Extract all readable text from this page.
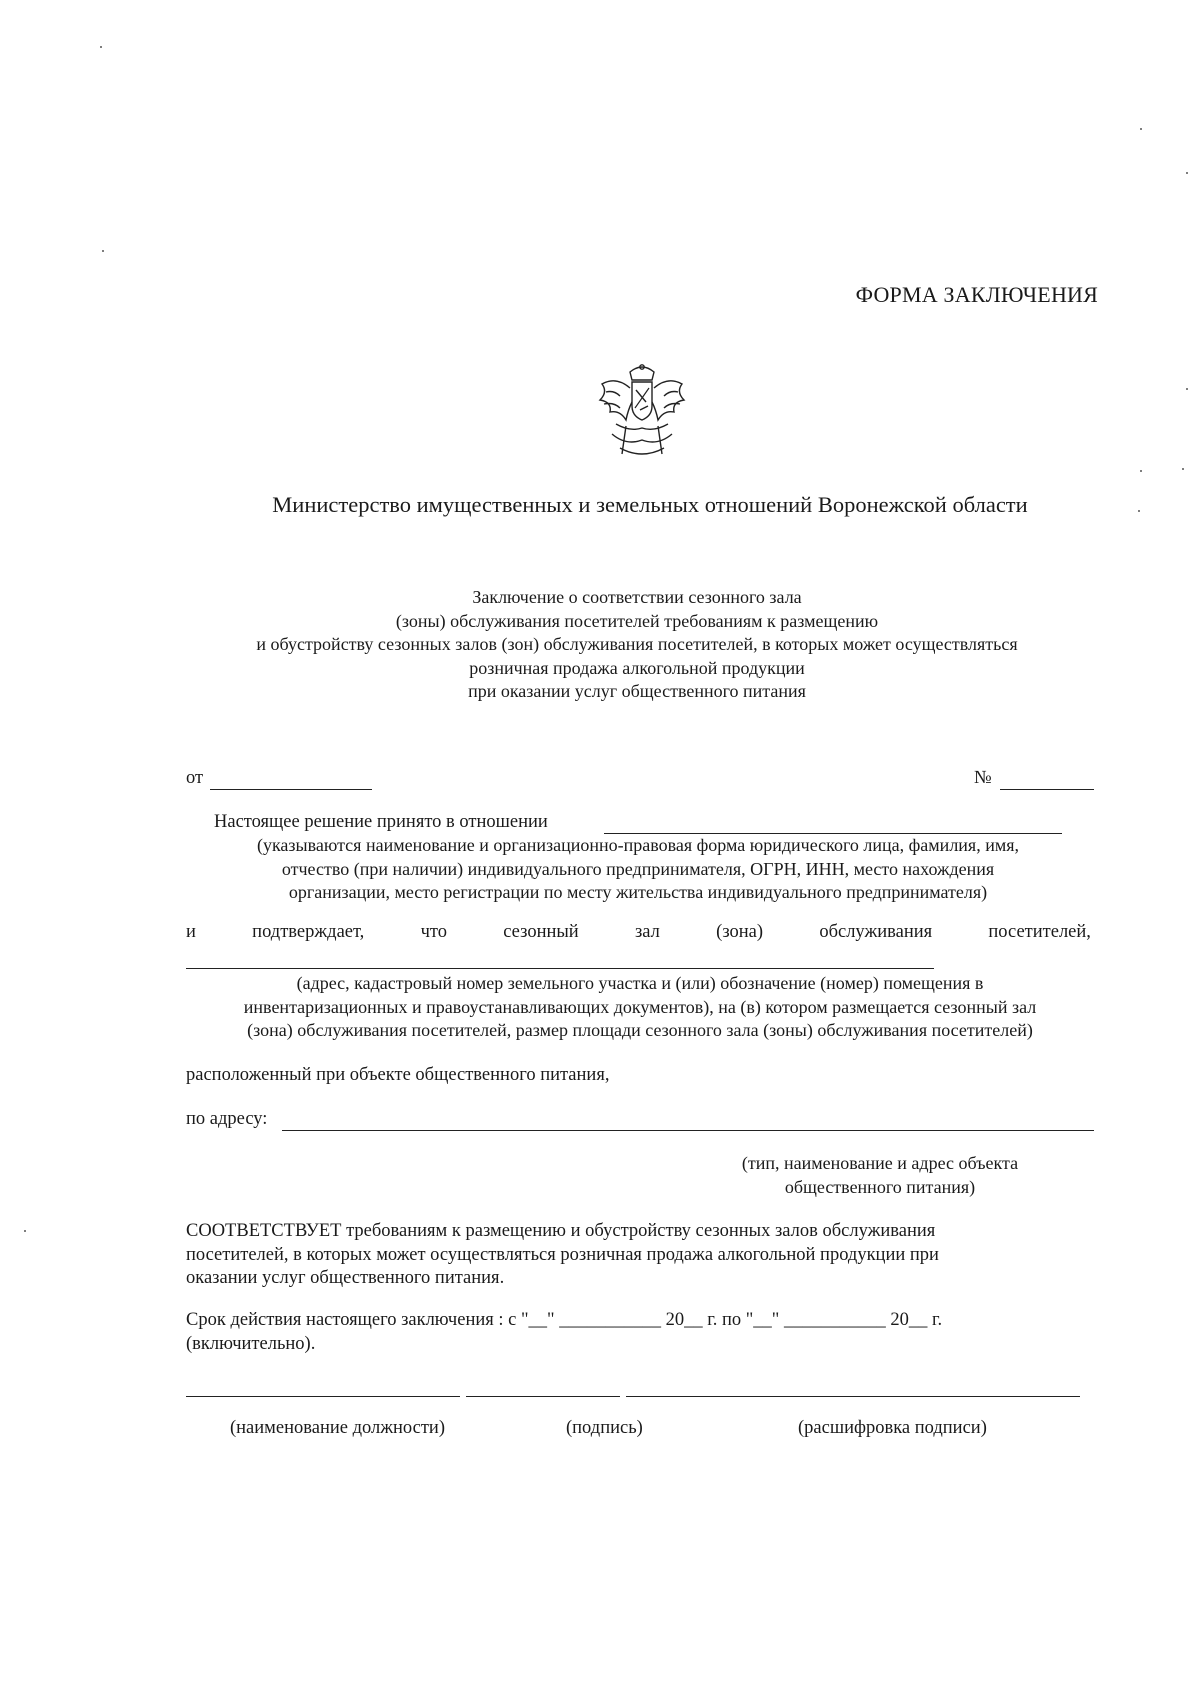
ФОРМА ЗАКЛЮЧЕНИЯ
Министерство имущественных и земельных отношений Воронежской области
Заключение о соответствии сезонного зала
(зоны) обслуживания посетителей требованиям к размещению
и обустройству сезонных залов (зон) обслуживания посетителей, в которых может осуществляться
розничная продажа алкогольной продукции
при оказании услуг общественного питания
от	№
Настоящее решение принято в отношении
(указываются наименование и организационно-правовая форма юридического лица, фамилия, имя,
отчество (при наличии) индивидуального предпринимателя, ОГРН, ИНН, место нахождения
организации, место регистрации по месту жительства индивидуального предпринимателя)
и	подтверждает,	что	сезонный	зал	(зона)	обслуживания	посетителей,
(адрес, кадастровый номер земельного участка и (или) обозначение (номер) помещения в
инвентаризационных и правоустанавливающих документов), на (в) котором размещается сезонный зал
(зона) обслуживания посетителей, размер площади сезонного зала (зоны) обслуживания посетителей)
расположенный при объекте общественного питания,
по адресу:
(тип, наименование и адрес объекта
общественного питания)
СООТВЕТСТВУЕТ требованиям к размещению и обустройству сезонных залов обслуживания
посетителей, в которых может осуществляться розничная продажа алкогольной продукции при
оказании услуг общественного питания.
Срок действия настоящего заключения : с "__" ___________ 20__ г. по "__" ___________ 20__ г.
(включительно).
(наименование должности)	(подпись)	(расшифровка подписи)
